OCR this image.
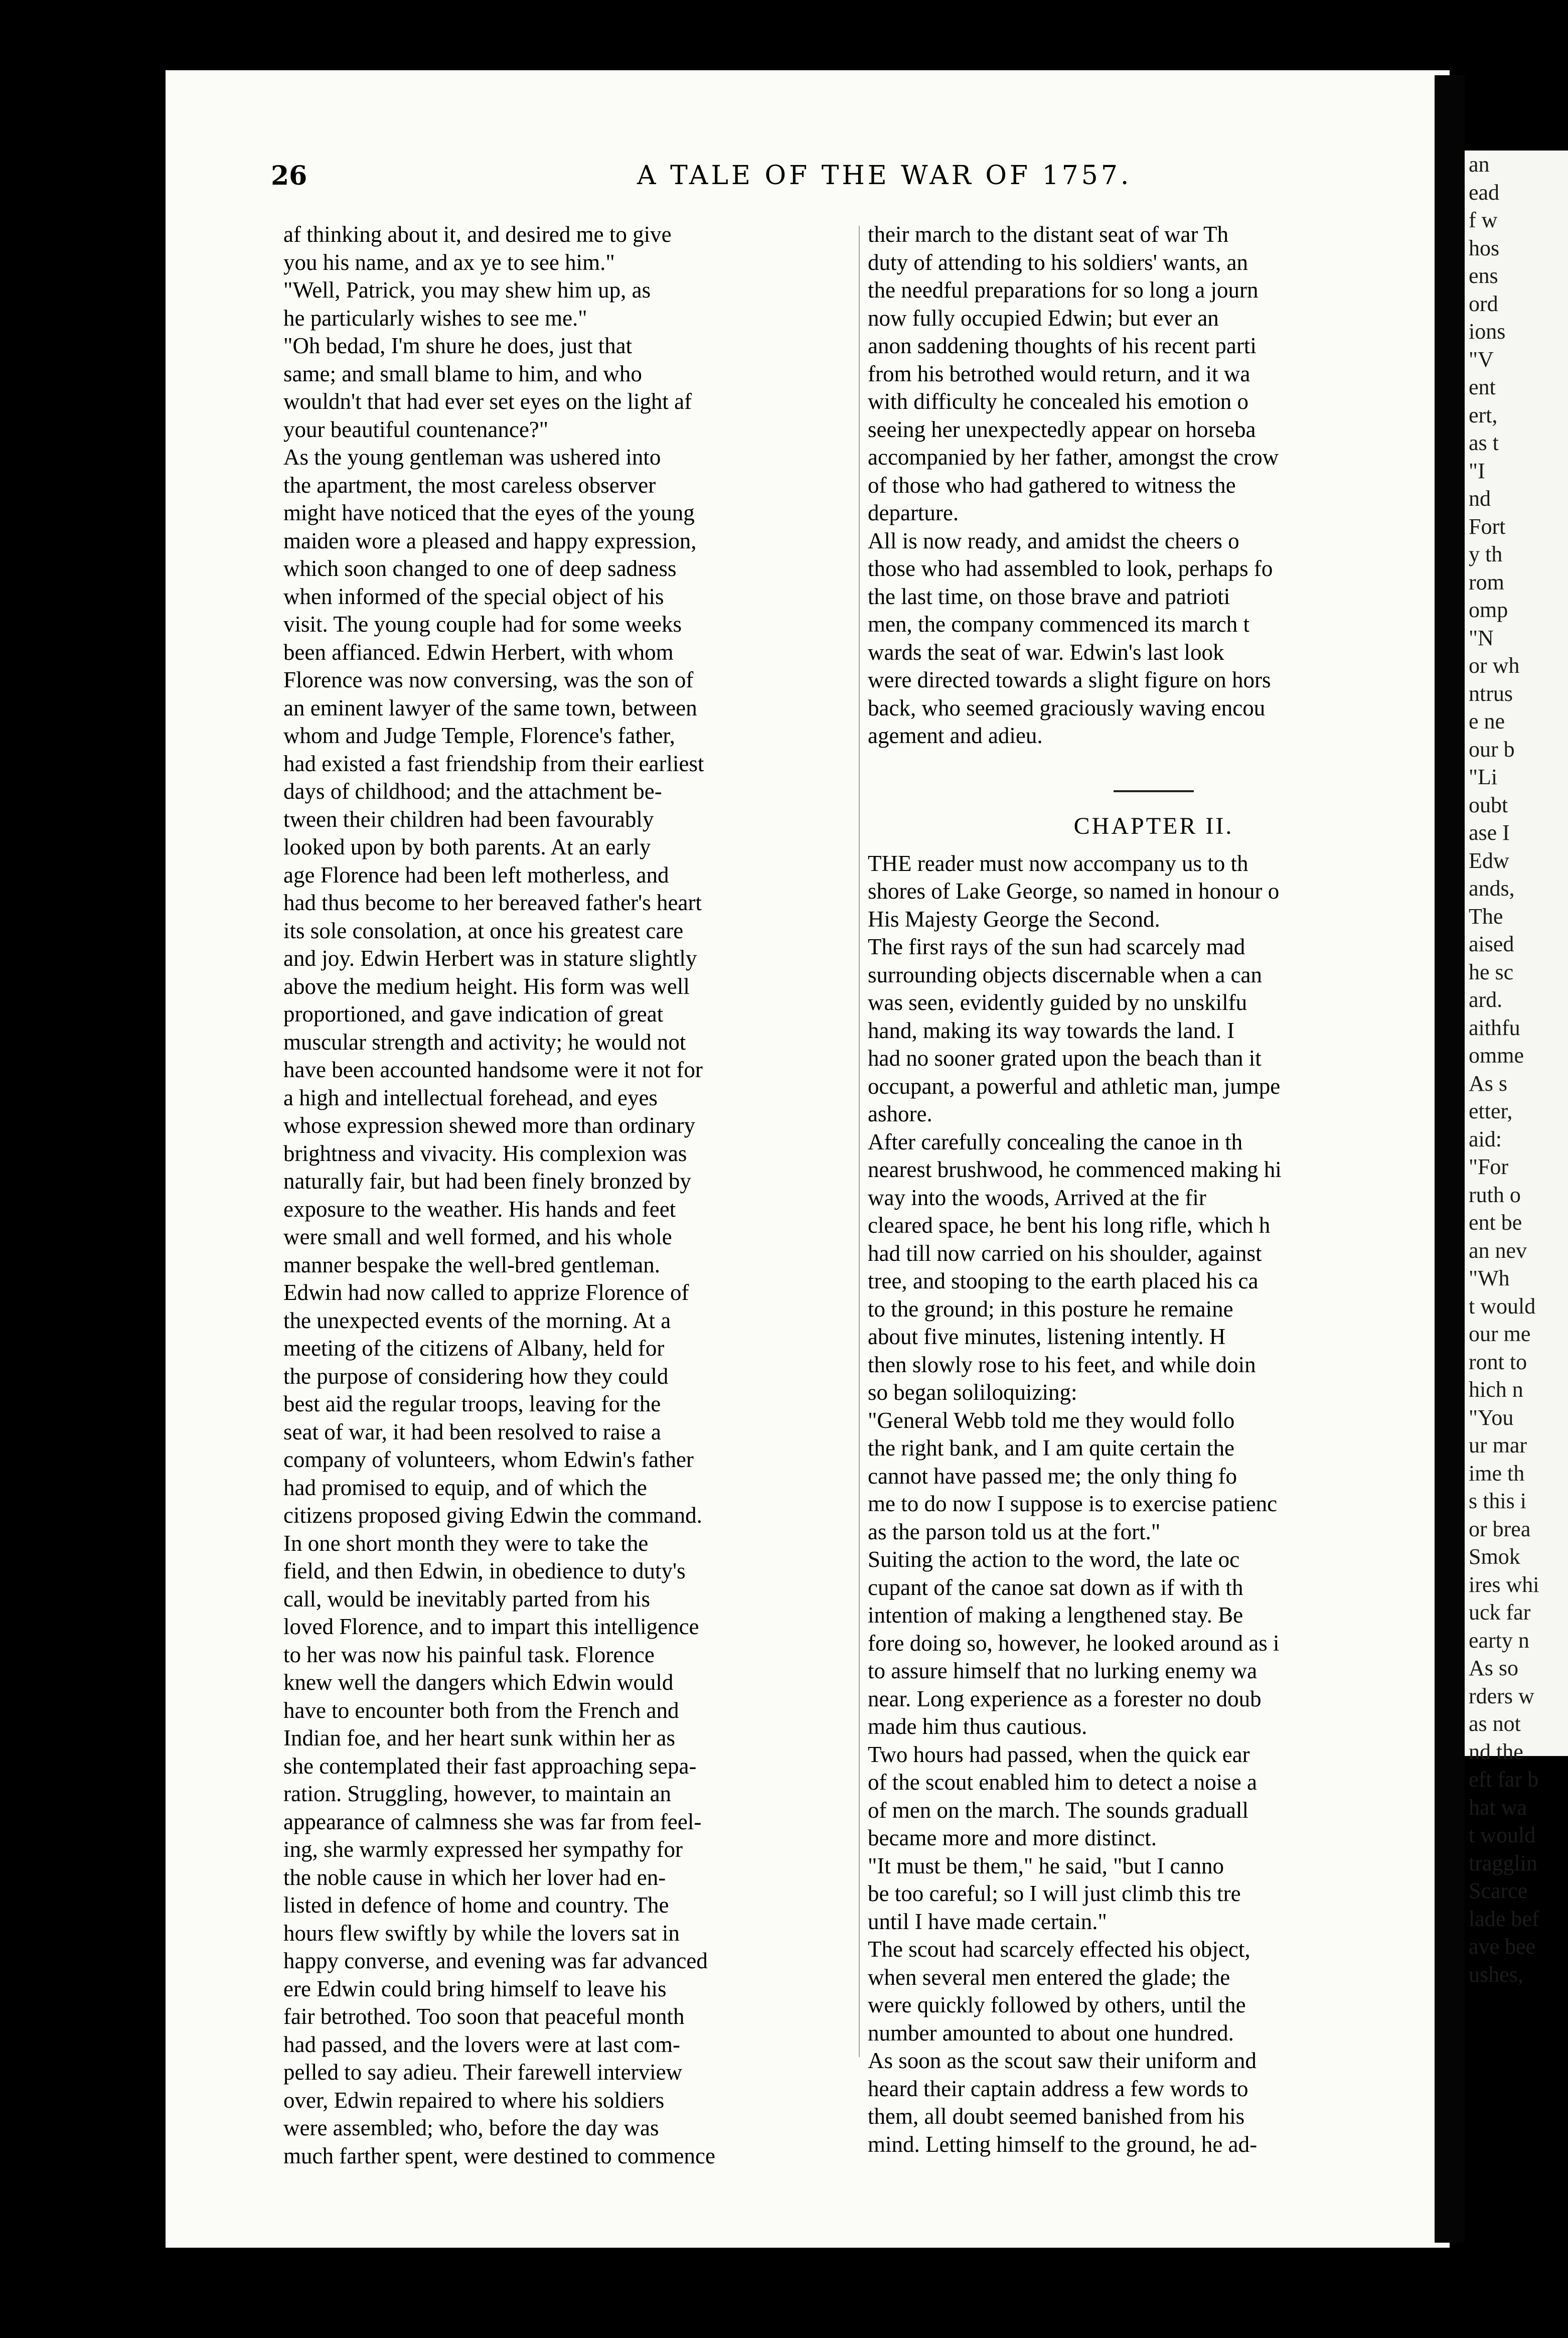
26	A TALE OF THE WAR OF 1757.
af thinking about it, and desired me to give
you his name, and ax ye to see him."
"Well, Patrick, you may shew him up, as
he particularly wishes to see me."
"Oh bedad, I'm shure he does, just that
same; and small blame to him, and who
wouldn't that had ever set eyes on the light af
your beautiful countenance?"
As the young gentleman was ushered into
the apartment, the most careless observer
might have noticed that the eyes of the young
maiden wore a pleased and happy expression,
which soon changed to one of deep sadness
when informed of the special object of his
visit. The young couple had for some weeks
been affianced. Edwin Herbert, with whom
Florence was now conversing, was the son of
an eminent lawyer of the same town, between
whom and Judge Temple, Florence's father,
had existed a fast friendship from their earliest
days of childhood; and the attachment be-
tween their children had been favourably
looked upon by both parents. At an early
age Florence had been left motherless, and
had thus become to her bereaved father's heart
its sole consolation, at once his greatest care
and joy. Edwin Herbert was in stature slightly
above the medium height. His form was well
proportioned, and gave indication of great
muscular strength and activity; he would not
have been accounted handsome were it not for
a high and intellectual forehead, and eyes
whose expression shewed more than ordinary
brightness and vivacity. His complexion was
naturally fair, but had been finely bronzed by
exposure to the weather. His hands and feet
were small and well formed, and his whole
manner bespake the well-bred gentleman.
Edwin had now called to apprize Florence of
the unexpected events of the morning. At a
meeting of the citizens of Albany, held for
the purpose of considering how they could
best aid the regular troops, leaving for the
seat of war, it had been resolved to raise a
company of volunteers, whom Edwin's father
had promised to equip, and of which the
citizens proposed giving Edwin the command.
In one short month they were to take the
field, and then Edwin, in obedience to duty's
call, would be inevitably parted from his
loved Florence, and to impart this intelligence
to her was now his painful task. Florence
knew well the dangers which Edwin would
have to encounter both from the French and
Indian foe, and her heart sunk within her as
she contemplated their fast approaching sepa-
ration. Struggling, however, to maintain an
appearance of calmness she was far from feel-
ing, she warmly expressed her sympathy for
the noble cause in which her lover had en-
listed in defence of home and country. The
hours flew swiftly by while the lovers sat in
happy converse, and evening was far advanced
ere Edwin could bring himself to leave his
fair betrothed. Too soon that peaceful month
had passed, and the lovers were at last com-
pelled to say adieu. Their farewell interview
over, Edwin repaired to where his soldiers
were assembled; who, before the day was
much farther spent, were destined to commence
their march to the distant seat of war Th
duty of attending to his soldiers' wants, an
the needful preparations for so long a journ
now fully occupied Edwin; but ever an
anon saddening thoughts of his recent parti
from his betrothed would return, and it wa
with difficulty he concealed his emotion o
seeing her unexpectedly appear on horseba
accompanied by her father, amongst the crow
of those who had gathered to witness the
departure.
All is now ready, and amidst the cheers o
those who had assembled to look, perhaps fo
the last time, on those brave and patrioti
men, the company commenced its march t
wards the seat of war. Edwin's last look
were directed towards a slight figure on hors
back, who seemed graciously waving encou
agement and adieu.
CHAPTER II.
THE reader must now accompany us to th
shores of Lake George, so named in honour o
His Majesty George the Second.
The first rays of the sun had scarcely mad
surrounding objects discernable when a can
was seen, evidently guided by no unskilfu
hand, making its way towards the land. I
had no sooner grated upon the beach than it
occupant, a powerful and athletic man, jumpe
ashore.
After carefully concealing the canoe in th
nearest brushwood, he commenced making hi
way into the woods, Arrived at the fir
cleared space, he bent his long rifle, which h
had till now carried on his shoulder, against
tree, and stooping to the earth placed his ca
to the ground; in this posture he remaine
about five minutes, listening intently. H
then slowly rose to his feet, and while doin
so began soliloquizing:
"General Webb told me they would follo
the right bank, and I am quite certain the
cannot have passed me; the only thing fo
me to do now I suppose is to exercise patienc
as the parson told us at the fort."
Suiting the action to the word, the late oc
cupant of the canoe sat down as if with th
intention of making a lengthened stay. Be
fore doing so, however, he looked around as i
to assure himself that no lurking enemy wa
near. Long experience as a forester no doub
made him thus cautious.
Two hours had passed, when the quick ear
of the scout enabled him to detect a noise a
of men on the march. The sounds graduall
became more and more distinct.
"It must be them," he said, "but I canno
be too careful; so I will just climb this tre
until I have made certain."
The scout had scarcely effected his object,
when several men entered the glade; the
were quickly followed by others, until the
number amounted to about one hundred.
As soon as the scout saw their uniform and
heard their captain address a few words to
them, all doubt seemed banished from his
mind. Letting himself to the ground, he ad-
an
ead
f w
hos
ens
ord
ions
"V
ent
ert,
as t
"I
nd
Fort
y th
rom
omp
"N
or wh
ntrus
e ne
our b
"Li
oubt
ase I
Edw
ands,
The
aised
he sc
ard.
aithfu
omme
As s
etter,
aid:
"For
ruth o
ent be
an nev
"Wh
t would
our me
ront to
hich n
"You
ur mar
ime th
s this i
or brea
Smok
ires whi
uck far
earty n
As so
rders w
as not
nd the
eft far b
hat wa
t would
tragglin
Scarce
lade bef
ave bee
ushes,
